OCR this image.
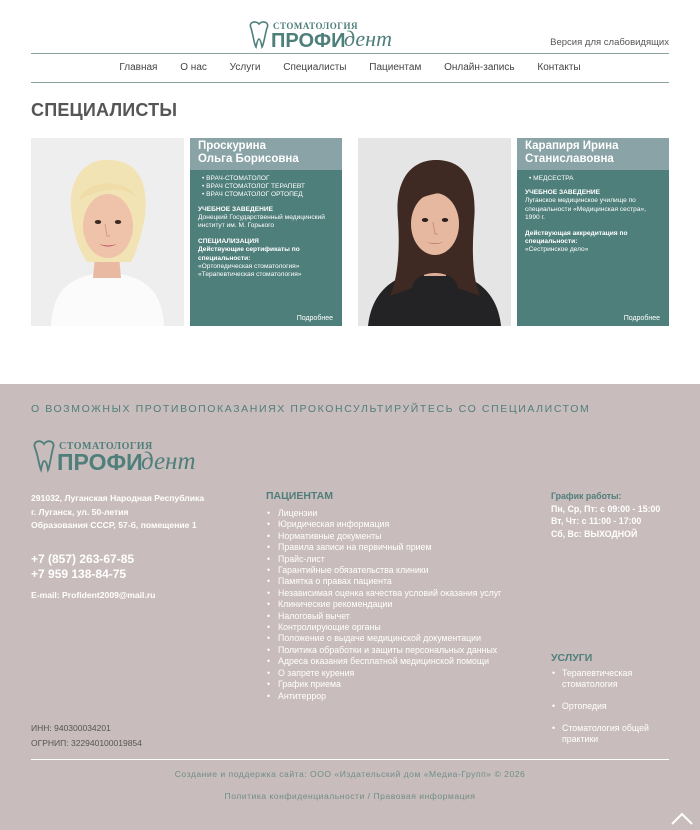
СТОМАТОЛОГИЯ
ПРОФИ
дент	Версия для слабовидящих
Главная О нас Услуги Специалисты Пациентам Онлайн-запись Контакты
СПЕЦИАЛИСТЫ
Проскурина
Ольга Борисовна
• ВРАЧ-СТОМАТОЛОГ
• ВРАЧ СТОМАТОЛОГ ТЕРАПЕВТ
• ВРАЧ СТОМАТОЛОГ ОРТОПЕД
УЧЕБНОЕ ЗАВЕДЕНИЕ
Донецкий Государственный медицинский институт им. М. Горького
СПЕЦИАЛИЗАЦИЯ
Действующие сертификаты по специальности:
«Ортопедическая стоматология» «Терапевтическая стоматология»
Подробнее
Карапиря Ирина
Станиславовна
• МЕДСЕСТРА
УЧЕБНОЕ ЗАВЕДЕНИЕ
Луганское медицинское училище по специальности «Медицинская сестра», 1990 г.
Действующая аккредитация по специальности:
«Сестринское дело»
Подробнее
О ВОЗМОЖНЫХ ПРОТИВОПОКАЗАНИЯХ ПРОКОНСУЛЬТИРУЙТЕСЬ СО СПЕЦИАЛИСТОМ
СТОМАТОЛОГИЯ
ПРОФИ
дент
291032, Луганская Народная Республика
г. Луганск, ул. 50-летия
Образования СССР, 57-б, помещение 1
+7 (857) 263-67-85
+7 959 138-84-75
E-mail: Profident2009@mail.ru
ИНН: 940300034201
ОГРНИП: 322940100019854
ПАЦИЕНТАМ
• Лицензии
• Юридическая информация
• Нормативные документы
• Правила записи на первичный прием
• Прайс-лист
• Гарантийные обязательства клиники
• Памятка о правах пациента
• Независимая оценка качества условий оказания услуг
• Клинические рекомендации
• Налоговый вычет
• Контролирующие органы
• Положение о выдаче медицинской документации
• Политика обработки и защиты персональных данных
• Адреса оказания бесплатной медицинской помощи
• О запрете курения
• График приема
• Антитеррор
График работы:
Пн, Ср, Пт: с 09:00 - 15:00
Вт, Чт: с 11:00 - 17:00
Сб, Вс: ВЫХОДНОЙ
УСЛУГИ
• Терапевтическая стоматология
• Ортопедия
• Стоматология общей практики
Создание и поддержка сайта: ООО «Издательский дом «Медиа-Групп» © 2026
Политика конфиденциальности / Правовая информация
